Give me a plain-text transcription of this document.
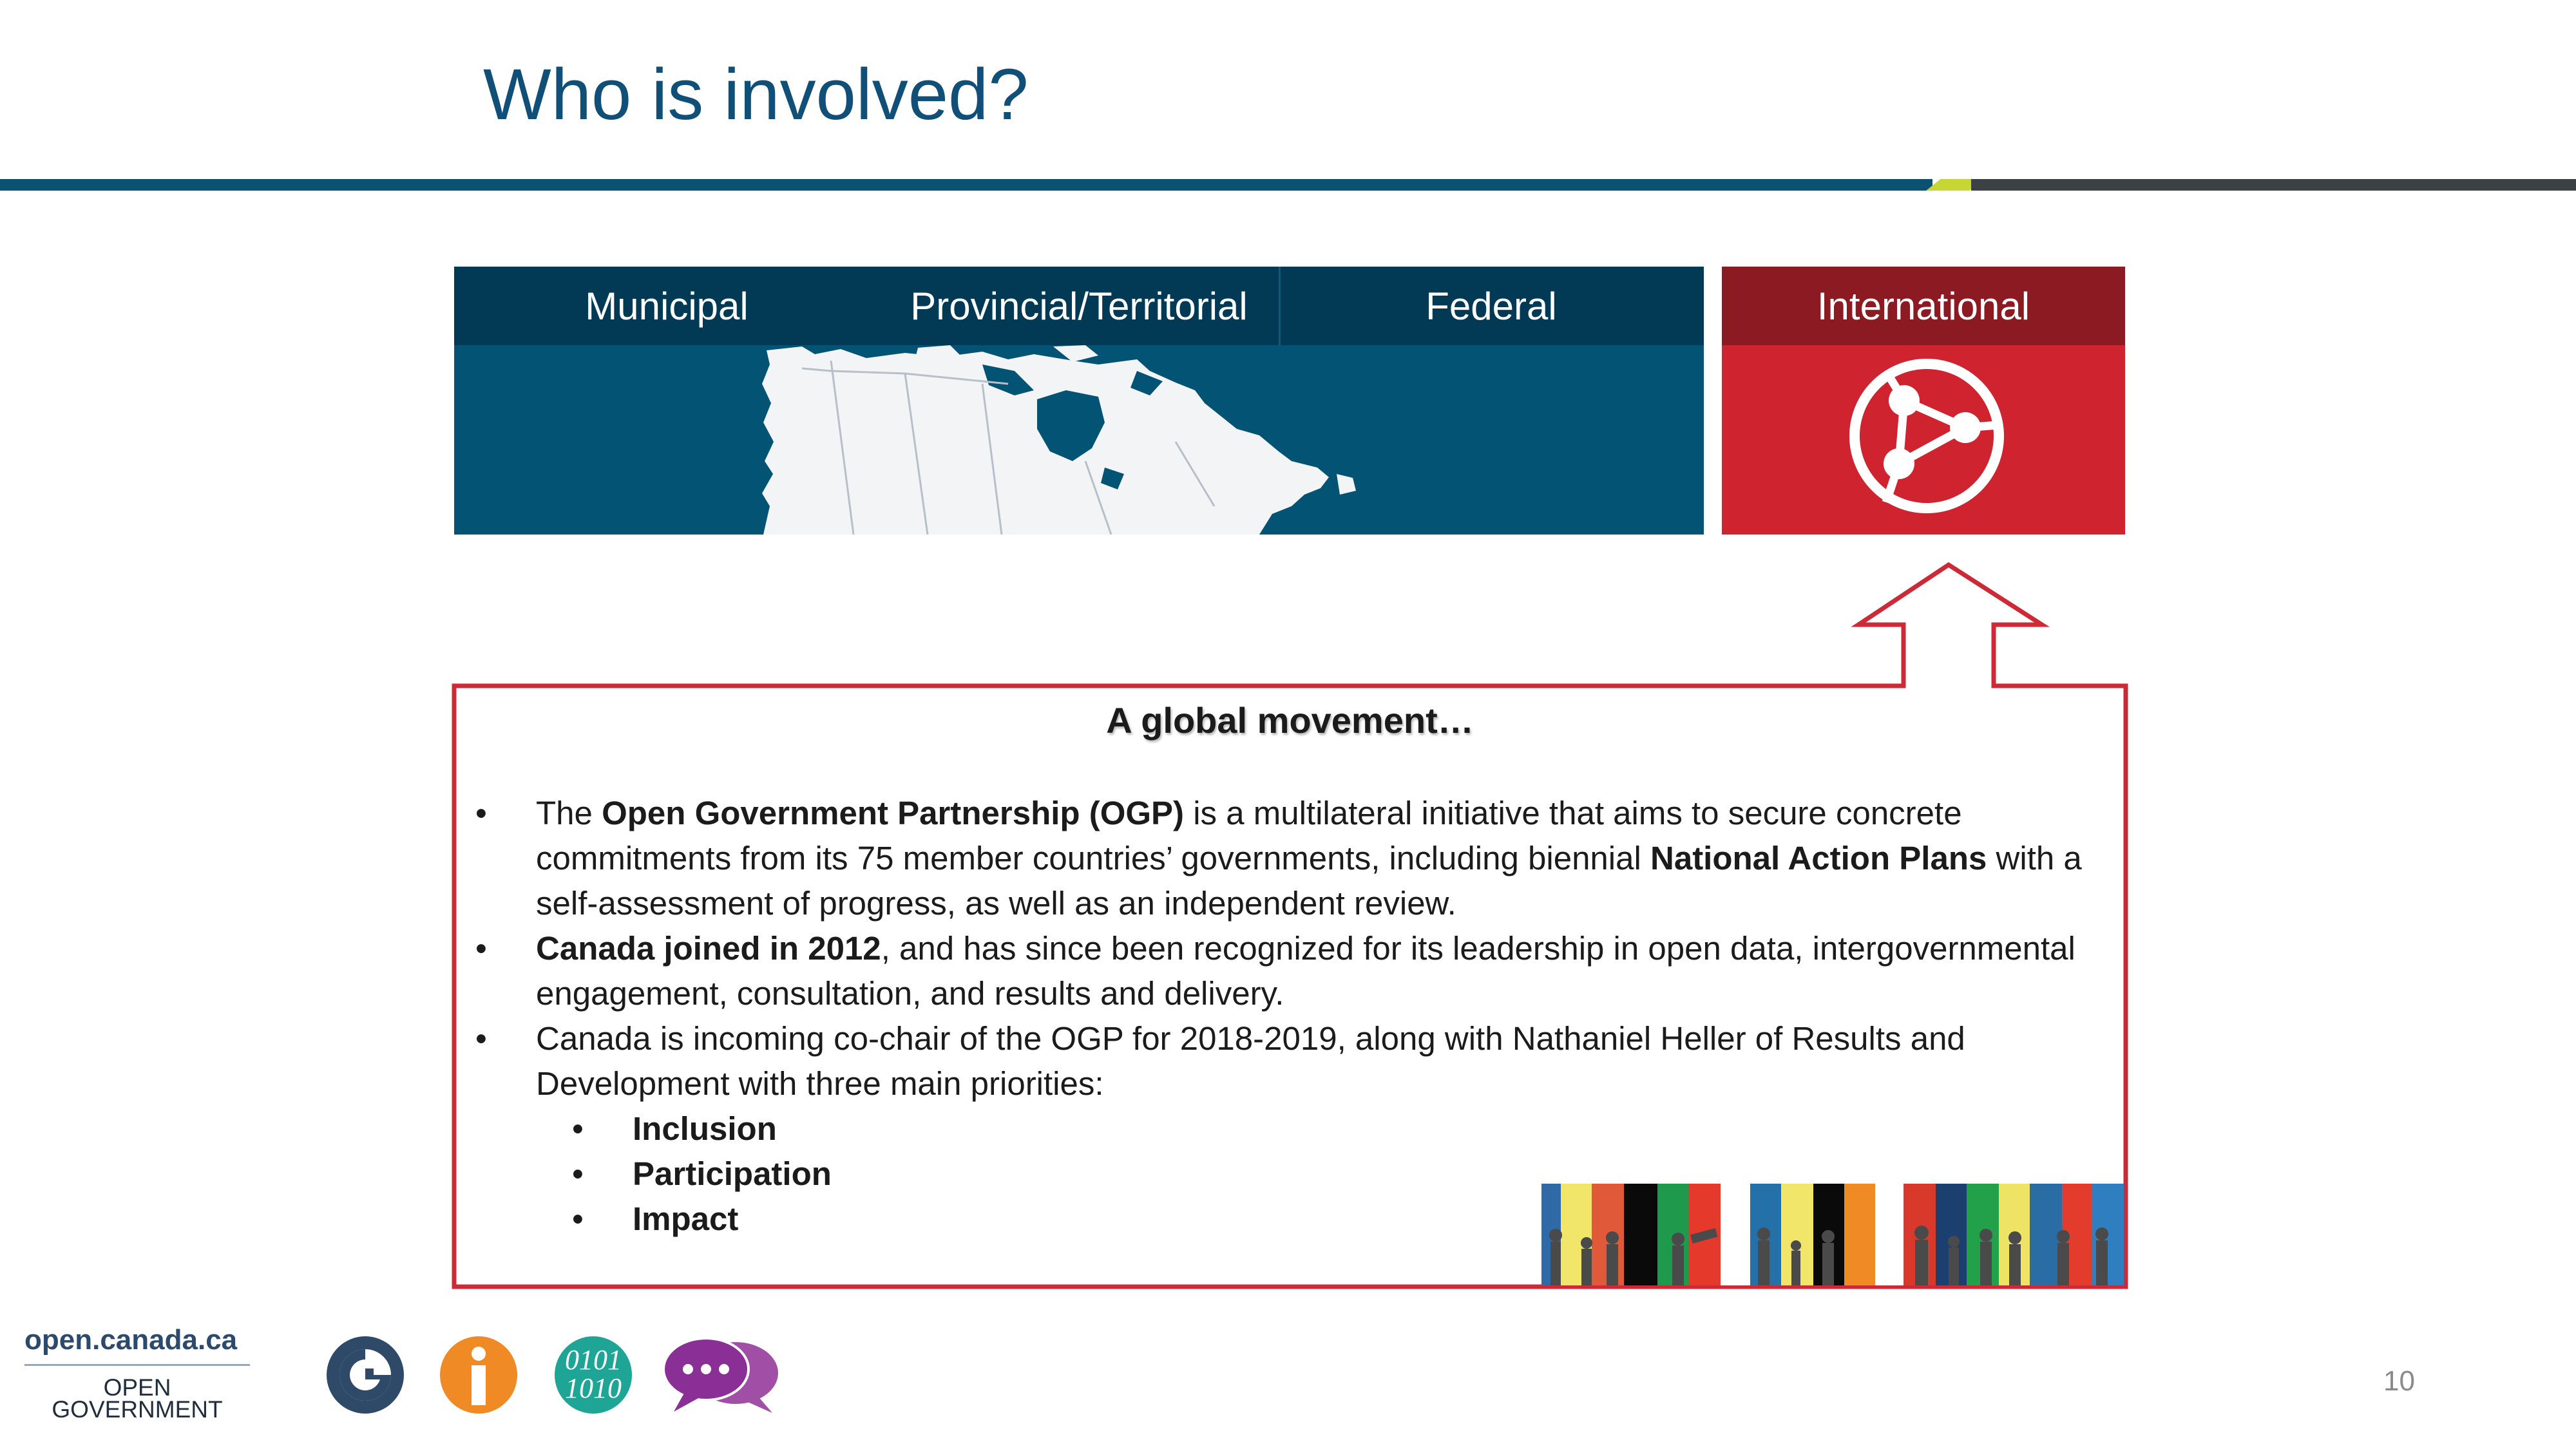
Who is involved?
Municipal	Provincial/Territorial	Federal	International
A global movement…
• The Open Government Partnership (OGP) is a multilateral initiative that aims to secure concrete commitments from its 75 member countries’ governments, including biennial National Action Plans with a self-assessment of progress, as well as an independent review.
• Canada joined in 2012, and has since been recognized for its leadership in open data, intergovernmental engagement, consultation, and results and delivery.
• Canada is incoming co-chair of the OGP for 2018-2019, along with Nathaniel Heller of Results and Development with three main priorities:
• Inclusion
• Participation
• Impact
open.canada.ca
OPEN
GOVERNMENT
0101
1010	10
